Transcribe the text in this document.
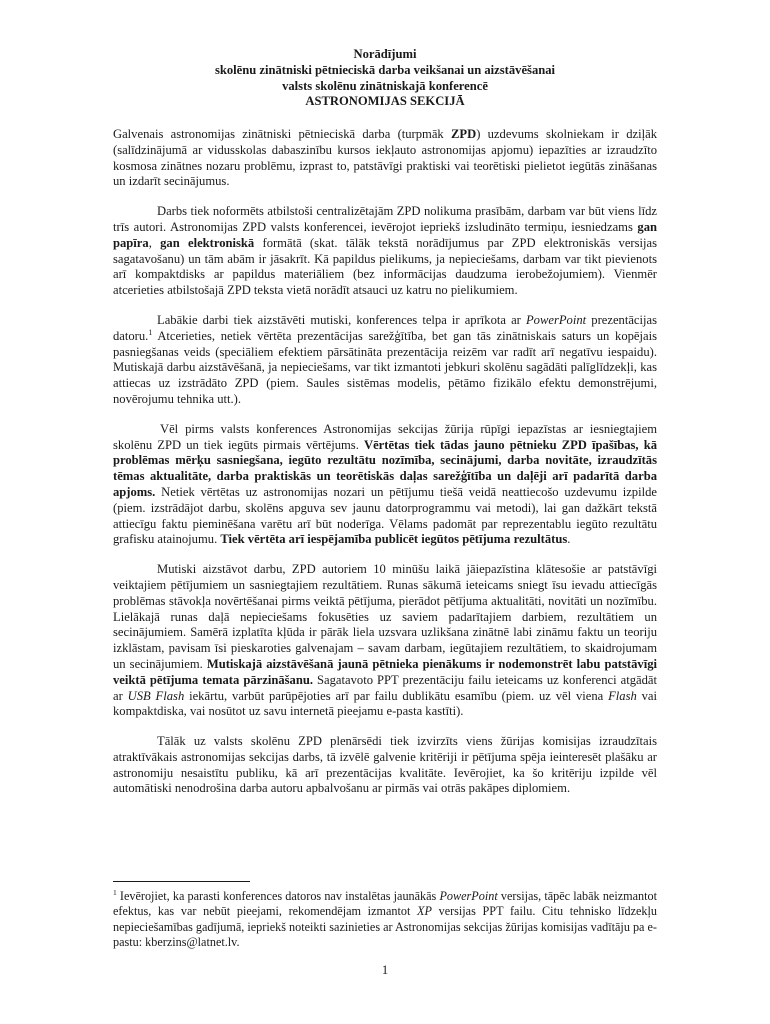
Norādījumi
skolēnu zinātniski pētnieciskā darba veikšanai un aizstāvēšanai
valsts skolēnu zinātniskajā konferencē
ASTRONOMIJAS SEKCIJĀ

Galvenais astronomijas zinātniski pētnieciskā darba (turpmāk ZPD) uzdevums skolniekam ir dziļāk (salīdzinājumā ar vidusskolas dabaszinību kursos iekļauto astronomijas apjomu) iepazīties ar izraudzīto kosmosa zinātnes nozaru problēmu, izprast to, patstāvīgi praktiski vai teorētiski pielietot iegūtās zināšanas un izdarīt secinājumus.

Darbs tiek noformēts atbilstoši centralizētajām ZPD nolikuma prasībām, darbam var būt viens līdz trīs autori. Astronomijas ZPD valsts konferencei, ievērojot iepriekš izsludināto termiņu, iesniedzams gan papīra, gan elektroniskā formātā (skat. tālāk tekstā norādījumus par ZPD elektroniskās versijas sagatavošanu) un tām abām ir jāsakrīt. Kā papildus pielikums, ja nepieciešams, darbam var tikt pievienots arī kompaktdisks ar papildus materiāliem (bez informācijas daudzuma ierobežojumiem). Vienmēr atcerieties atbilstošajā ZPD teksta vietā norādīt atsauci uz katru no pielikumiem.

Labākie darbi tiek aizstāvēti mutiski, konferences telpa ir aprīkota ar PowerPoint prezentācijas datoru.$^1$ Atcerieties, netiek vērtēta prezentācijas sarežģītība, bet gan tās zinātniskais saturs un kopējais pasniegšanas veids (speciāliem efektiem pārsātināta prezentācija reizēm var radīt arī negatīvu iespaidu). Mutiskajā darbu aizstāvēšanā, ja nepieciešams, var tikt izmantoti jebkuri skolēnu sagādāti palīglīdzekļi, kas attiecas uz izstrādāto ZPD (piem. Saules sistēmas modelis, pētāmo fizikālo efektu demonstrējumi, novērojumu tehnika utt.).

Vēl pirms valsts konferences Astronomijas sekcijas žūrija rūpīgi iepazīstas ar iesniegtajiem skolēnu ZPD un tiek iegūts pirmais vērtējums. Vērtētas tiek tādas jauno pētnieku ZPD īpašības, kā problēmas mērķu sasniegšana, iegūto rezultātu nozīmība, secinājumi, darba novitāte, izraudzītās tēmas aktualitāte, darba praktiskās un teorētiskās daļas sarežģītība un daļēji arī padarītā darba apjoms. Netiek vērtētas uz astronomijas nozari un pētījumu tiešā veidā neattiecošo uzdevumu izpilde (piem. izstrādājot darbu, skolēns apguva sev jaunu datorprogrammu vai metodi), lai gan dažkārt tekstā attiecīgu faktu pieminēšana varētu arī būt noderīga. Vēlams padomāt par reprezentablu iegūto rezultātu grafisku atainojumu. Tiek vērtēta arī iespējamība publicēt iegūtos pētījuma rezultātus.

Mutiski aizstāvot darbu, ZPD autoriem 10 minūšu laikā jāiepazīstina klātesošie ar patstāvīgi veiktajiem pētījumiem un sasniegtajiem rezultātiem. Runas sākumā ieteicams sniegt īsu ievadu attiecīgās problēmas stāvokļa novērtēšanai pirms veiktā pētījuma, pierādot pētījuma aktualitāti, novitāti un nozīmību. Lielākajā runas daļā nepieciešams fokusēties uz saviem padarītajiem darbiem, rezultātiem un secinājumiem. Samērā izplatīta kļūda ir pārāk liela uzsvara uzlikšana zinātnē labi zināmu faktu un teoriju izklāstam, pavisam īsi pieskaroties galvenajam – savam darbam, iegūtajiem rezultātiem, to skaidrojumam un secinājumiem. Mutiskajā aizstāvēšanā jaunā pētnieka pienākums ir nodemonstrēt labu patstāvīgi veiktā pētījuma temata pārzināšanu. Sagatavoto PPT prezentāciju failu ieteicams uz konferenci atgādāt ar USB Flash iekārtu, varbūt parūpējoties arī par failu dublikātu esamību (piem. uz vēl viena Flash vai kompaktdiska, vai nosūtot uz savu internetā pieejamu e-pasta kastīti).

Tālāk uz valsts skolēnu ZPD plenārsēdi tiek izvirzīts viens žūrijas komisijas izraudzītais atraktīvākais astronomijas sekcijas darbs, tā izvēlē galvenie kritēriji ir pētījuma spēja ieinteresēt plašāku ar astronomiju nesaistītu publiku, kā arī prezentācijas kvalitāte. Ievērojiet, ka šo kritēriju izpilde vēl automātiski nenodrošina darba autoru apbalvošanu ar pirmās vai otrās pakāpes diplomiem.

$^1$ Ievērojiet, ka parasti konferences datoros nav instalētas jaunākās PowerPoint versijas, tāpēc labāk neizmantot efektus, kas var nebūt pieejami, rekomendējam izmantot XP versijas PPT failu. Citu tehnisko līdzekļu nepieciešamības gadījumā, iepriekš noteikti sazinieties ar Astronomijas sekcijas žūrijas komisijas vadītāju pa e-pastu: kberzins@latnet.lv.
1
